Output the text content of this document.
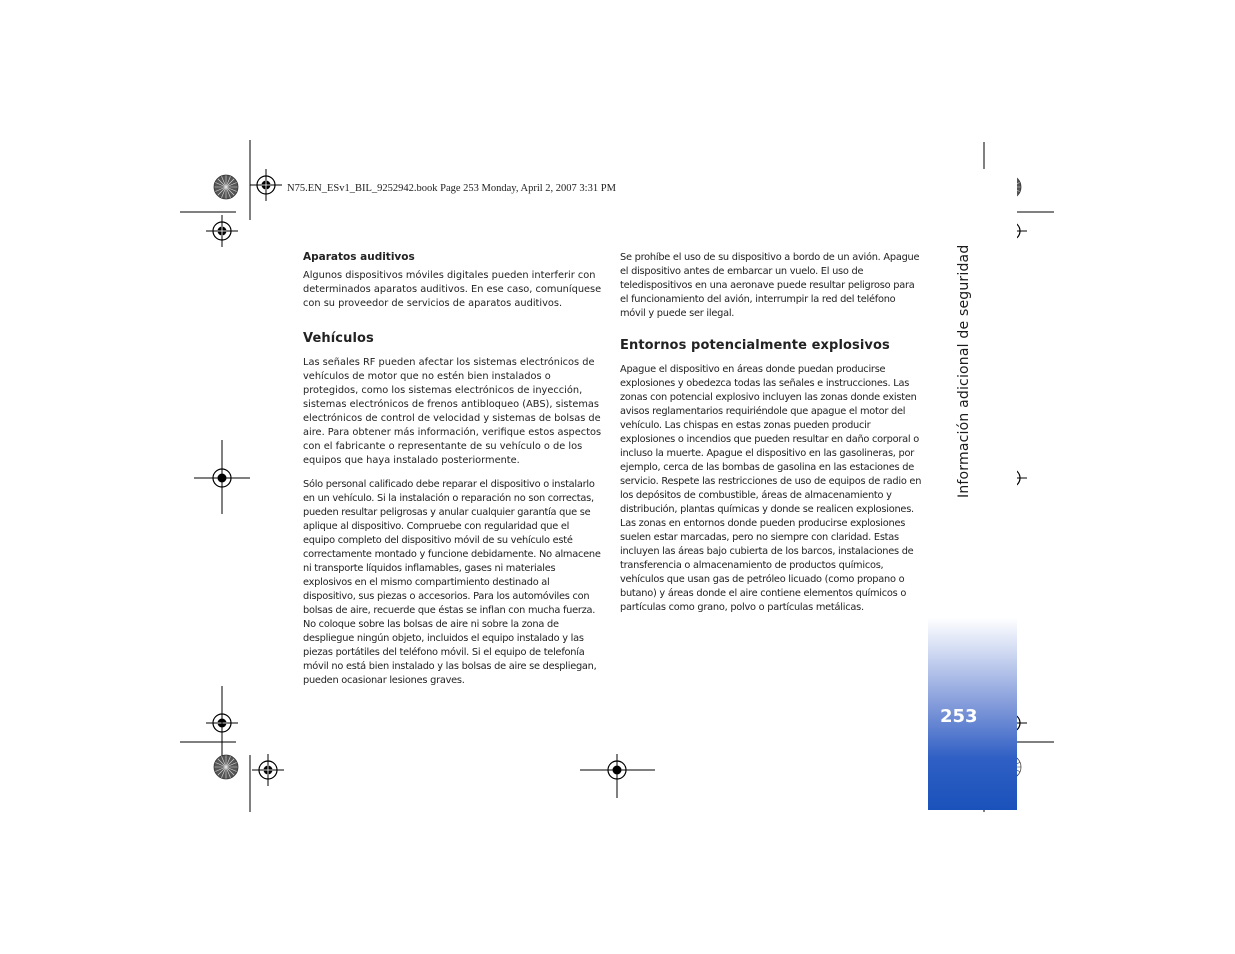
N75.EN_ESv1_BIL_9252942.book Page 253 Monday, April 2, 2007 3:31 PM
Información adicional de seguridad
253
Aparatos auditivos

Algunos dispositivos móviles digitales pueden interferir con determinados aparatos auditivos. En ese caso, comuníquese con su proveedor de servicios de aparatos auditivos.

Vehículos

Las señales RF pueden afectar los sistemas electrónicos de vehículos de motor que no estén bien instalados o protegidos, como los sistemas electrónicos de inyección, sistemas electrónicos de frenos antibloqueo (ABS), sistemas electrónicos de control de velocidad y sistemas de bolsas de aire. Para obtener más información, verifique estos aspectos con el fabricante o representante de su vehículo o de los equipos que haya instalado posteriormente.

Sólo personal calificado debe reparar el dispositivo o instalarlo en un vehículo. Si la instalación o reparación no son correctas, pueden resultar peligrosas y anular cualquier garantía que se aplique al dispositivo. Compruebe con regularidad que el equipo completo del dispositivo móvil de su vehículo esté correctamente montado y funcione debidamente. No almacene ni transporte líquidos inflamables, gases ni materiales explosivos en el mismo compartimiento destinado al dispositivo, sus piezas o accesorios. Para los automóviles con bolsas de aire, recuerde que éstas se inflan con mucha fuerza. No coloque sobre las bolsas de aire ni sobre la zona de despliegue ningún objeto, incluidos el equipo instalado y las piezas portátiles del teléfono móvil. Si el equipo de telefonía móvil no está bien instalado y las bolsas de aire se despliegan, pueden ocasionar lesiones graves.

Se prohíbe el uso de su dispositivo a bordo de un avión. Apague el dispositivo antes de embarcar un vuelo. El uso de teledispositivos en una aeronave puede resultar peligroso para el funcionamiento del avión, interrumpir la red del teléfono móvil y puede ser ilegal.

Entornos potencialmente explosivos

Apague el dispositivo en áreas donde puedan producirse explosiones y obedezca todas las señales e instrucciones. Las zonas con potencial explosivo incluyen las zonas donde existen avisos reglamentarios requiriéndole que apague el motor del vehículo. Las chispas en estas zonas pueden producir explosiones o incendios que pueden resultar en daño corporal o incluso la muerte. Apague el dispositivo en las gasolineras, por ejemplo, cerca de las bombas de gasolina en las estaciones de servicio. Respete las restricciones de uso de equipos de radio en los depósitos de combustible, áreas de almacenamiento y distribución, plantas químicas y donde se realicen explosiones. Las zonas en entornos donde pueden producirse explosiones suelen estar marcadas, pero no siempre con claridad. Estas incluyen las áreas bajo cubierta de los barcos, instalaciones de transferencia o almacenamiento de productos químicos, vehículos que usan gas de petróleo licuado (como propano o butano) y áreas donde el aire contiene elementos químicos o partículas como grano, polvo o partículas metálicas.
